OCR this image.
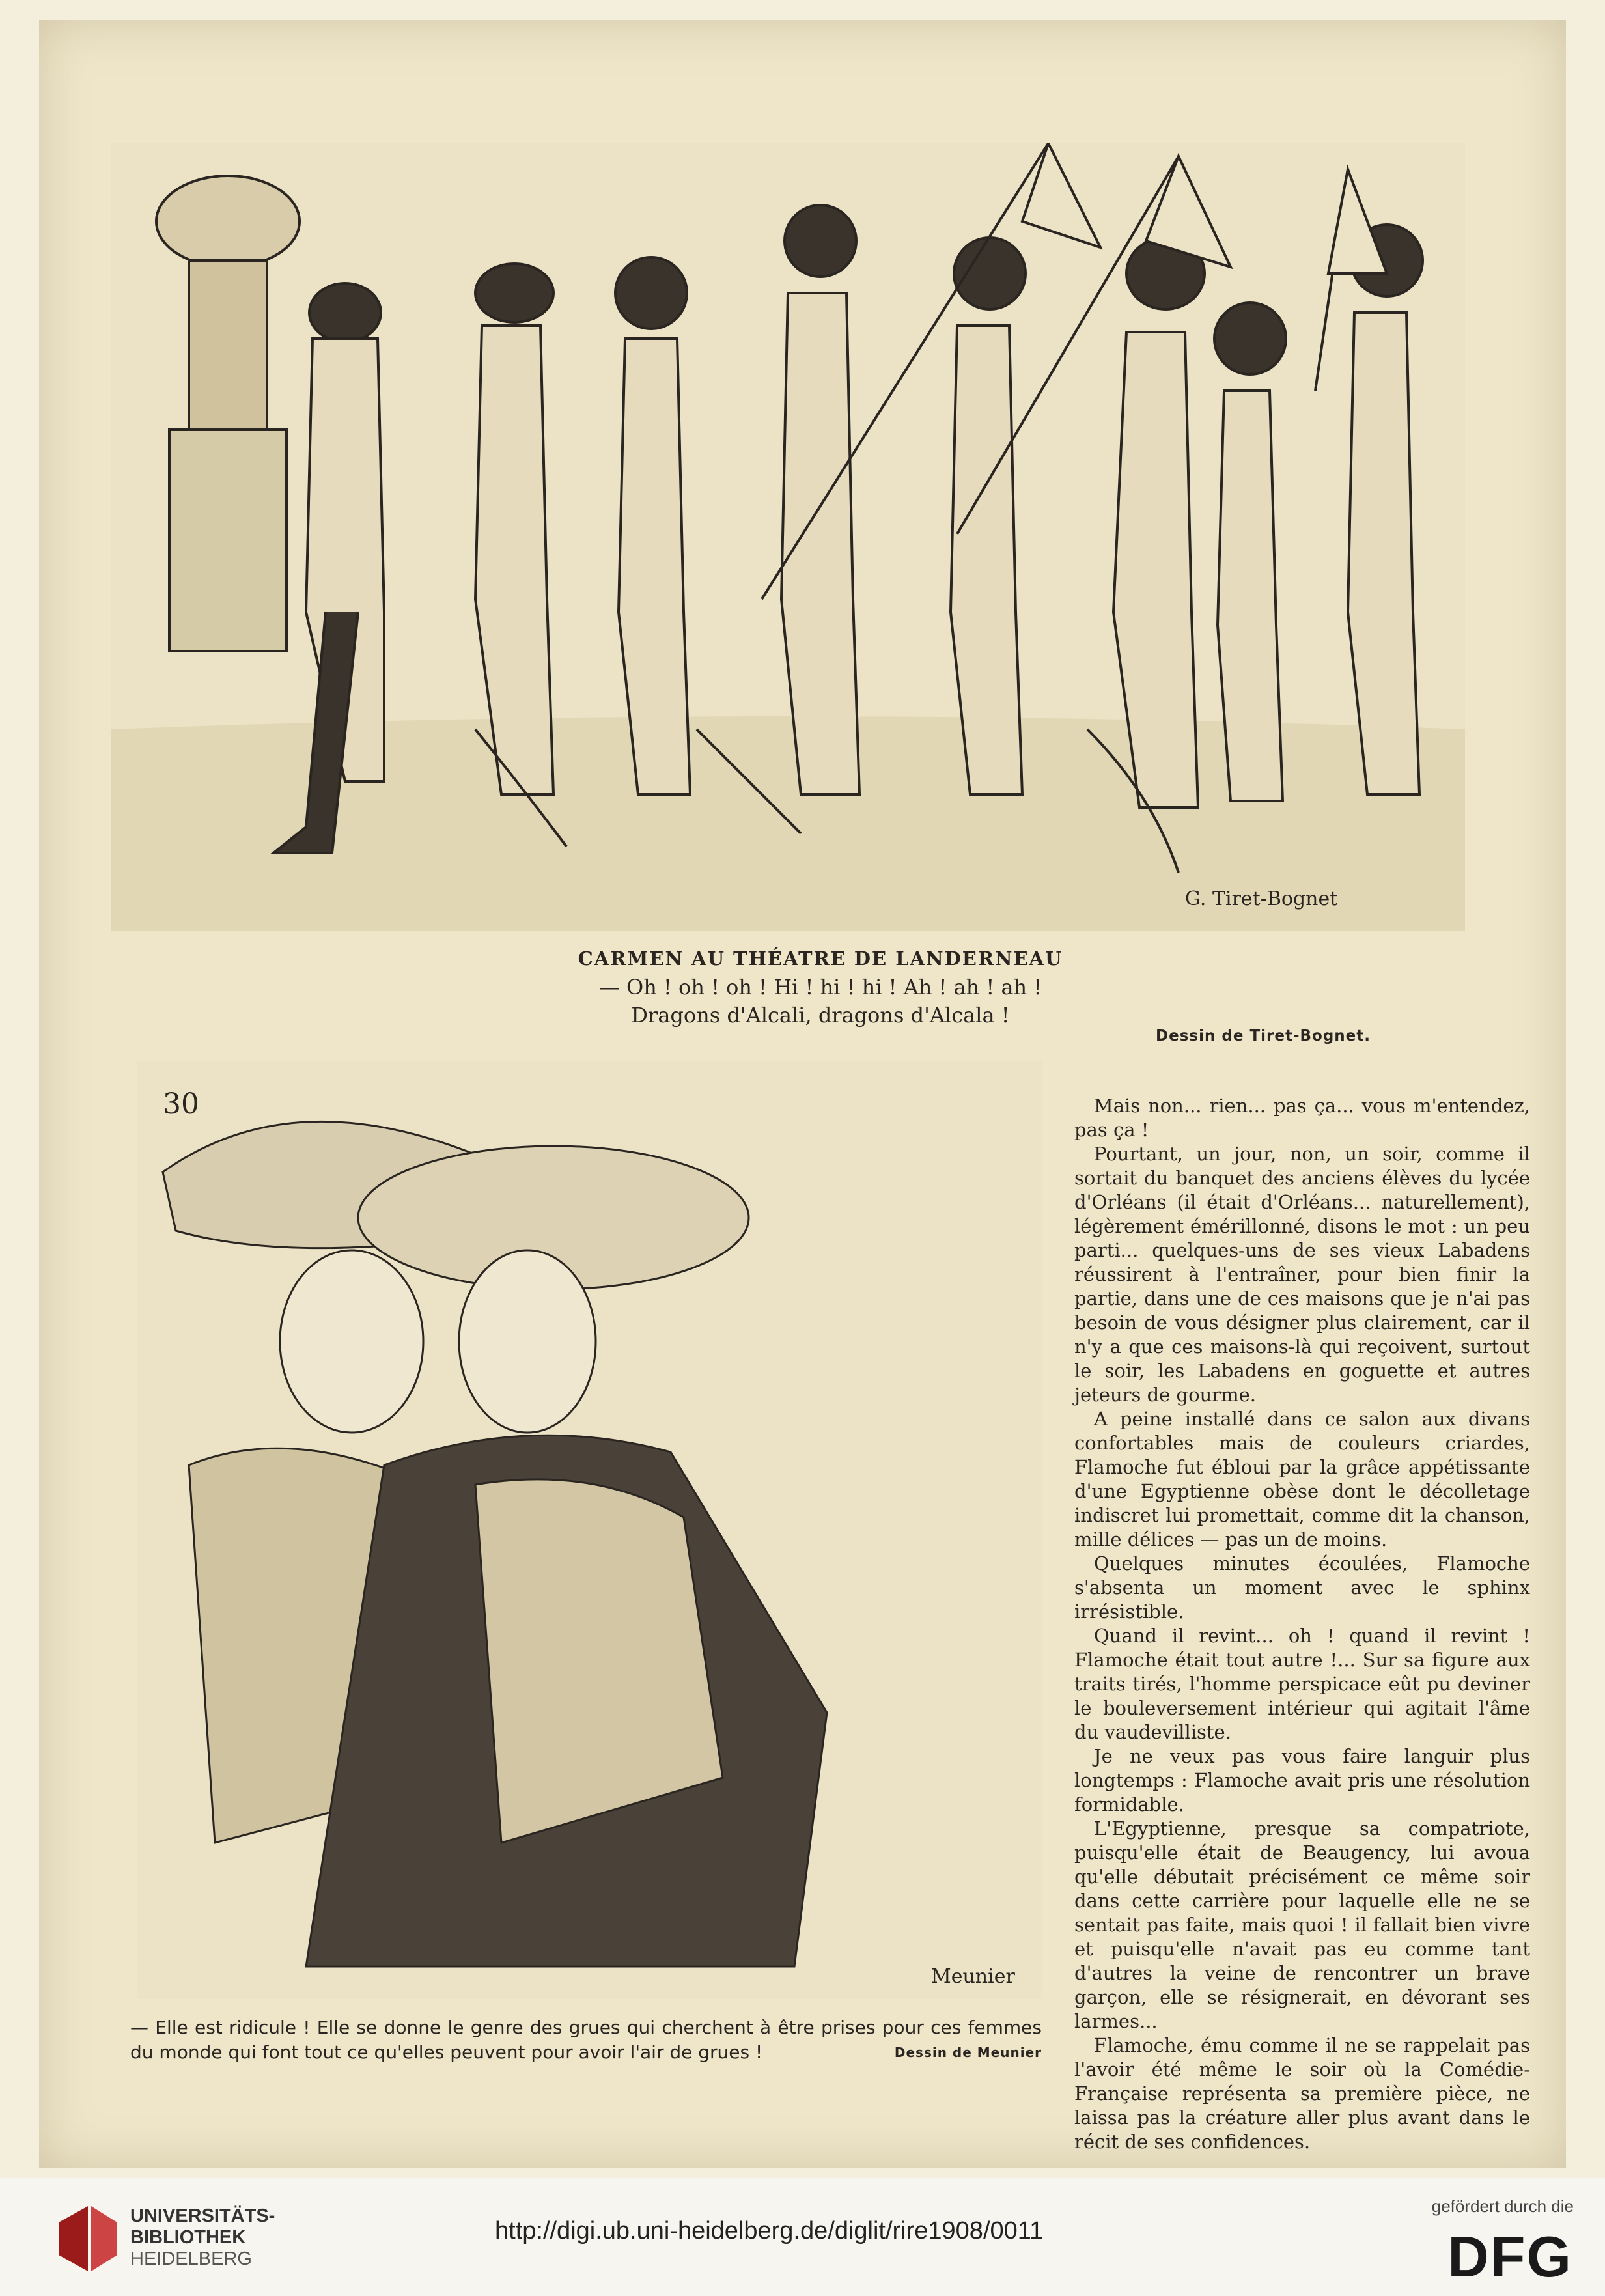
G. Tiret-Bognet
CARMEN AU THÉATRE DE LANDERNEAU
— Oh ! oh ! oh ! Hi ! hi ! hi ! Ah ! ah ! ah !
Dragons d'Alcali, dragons d'Alcala !
Dessin de Tiret-Bognet.
30
Meunier

Mais non... rien... pas ça... vous m'entendez, pas ça !

Pourtant, un jour, non, un soir, comme il sortait du banquet des anciens élèves du lycée d'Orléans (il était d'Orléans... naturellement), légèrement émérillonné, disons le mot : un peu parti... quelques-uns de ses vieux Labadens réussirent à l'entraîner, pour bien finir la partie, dans une de ces maisons que je n'ai pas besoin de vous désigner plus clairement, car il n'y a que ces maisons-là qui reçoivent, surtout le soir, les Labadens en goguette et autres jeteurs de gourme.

A peine installé dans ce salon aux divans confortables mais de couleurs criardes, Flamoche fut ébloui par la grâce appétissante d'une Egyptienne obèse dont le décolletage indiscret lui promettait, comme dit la chanson, mille délices — pas un de moins.

Quelques minutes écoulées, Flamoche s'absenta un moment avec le sphinx irrésistible.

Quand il revint... oh ! quand il revint ! Flamoche était tout autre !... Sur sa figure aux traits tirés, l'homme perspicace eût pu deviner le bouleversement intérieur qui agitait l'âme du vaudevilliste.

Je ne veux pas vous faire languir plus longtemps : Flamoche avait pris une résolution formidable.

L'Egyptienne, presque sa compatriote, puisqu'elle était de Beaugency, lui avoua qu'elle débutait précisément ce même soir dans cette carrière pour laquelle elle ne se sentait pas faite, mais quoi ! il fallait bien vivre et puisqu'elle n'avait pas eu comme tant d'autres la veine de rencontrer un brave garçon, elle se résignerait, en dévorant ses larmes...

Flamoche, ému comme il ne se rappelait pas l'avoir été même le soir où la Comédie-Française représenta sa première pièce, ne laissa pas la créature aller plus avant dans le récit de ses confidences.

— Elle est ridicule ! Elle se donne le genre des grues qui cherchent à être prises pour ces femmes du monde qui font tout ce qu'elles peuvent pour avoir l'air de grues !	Dessin de Meunier
UNIVERSITÄTS-
BIBLIOTHEK
HEIDELBERG
http://digi.ub.uni-heidelberg.de/diglit/rire1908/0011
gefördert durch die
DFG
